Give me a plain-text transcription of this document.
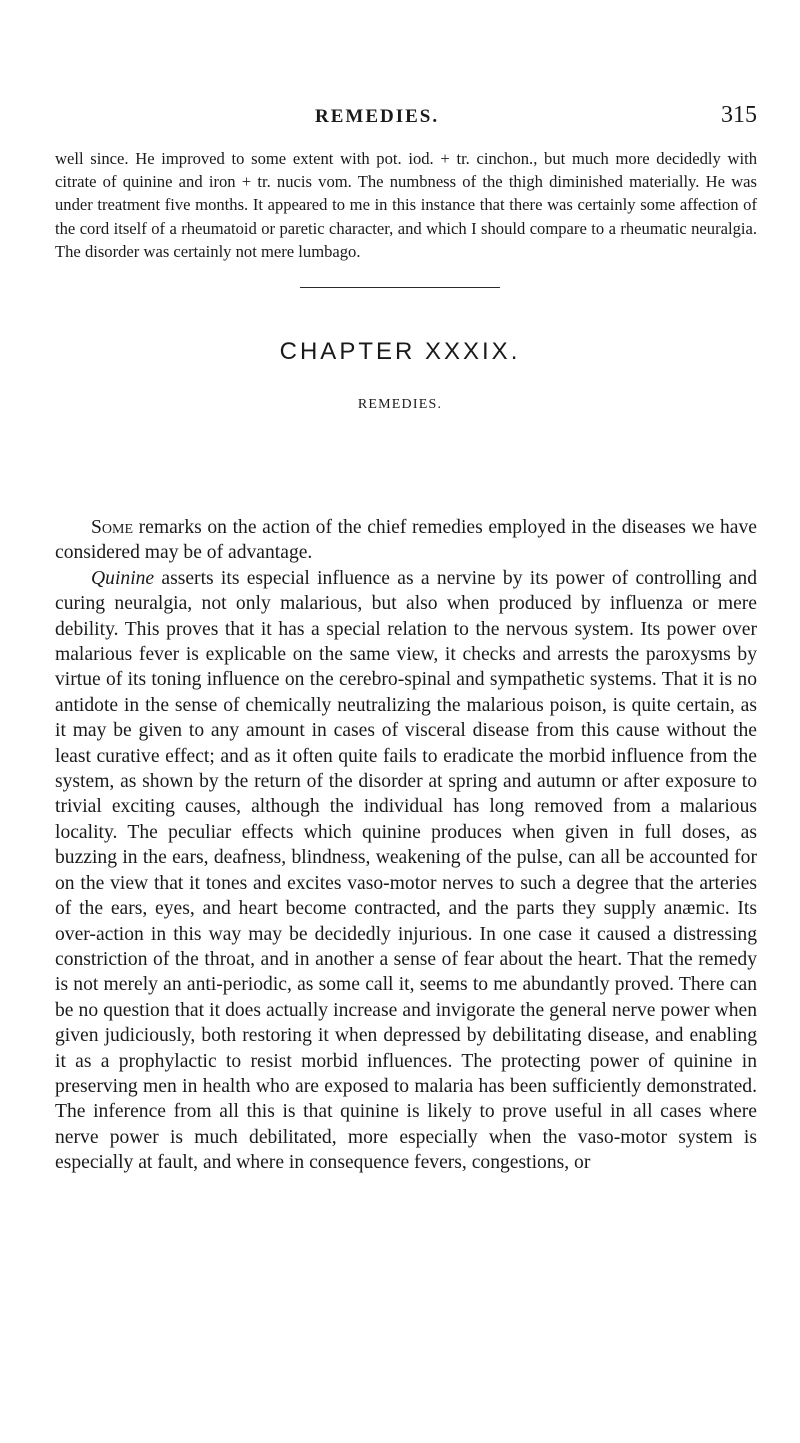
REMEDIES.	315
well since. He improved to some extent with pot. iod. + tr. cinchon., but much more decidedly with citrate of quinine and iron + tr. nucis vom. The numbness of the thigh diminished materially. He was under treatment five months. It appeared to me in this instance that there was certainly some affection of the cord itself of a rheumatoid or paretic character, and which I should compare to a rheumatic neuralgia. The disorder was certainly not mere lumbago.
CHAPTER XXXIX.
REMEDIES.

Some remarks on the action of the chief remedies employed in the diseases we have considered may be of advantage.

Quinine asserts its especial influence as a nervine by its power of controlling and curing neuralgia, not only malarious, but also when produced by influenza or mere debility. This proves that it has a special relation to the nervous system. Its power over malarious fever is explicable on the same view, it checks and arrests the paroxysms by virtue of its toning influence on the cerebro-spinal and sympathetic systems. That it is no antidote in the sense of chemically neutralizing the malarious poison, is quite certain, as it may be given to any amount in cases of visceral disease from this cause without the least curative effect; and as it often quite fails to eradicate the morbid influence from the system, as shown by the return of the disorder at spring and autumn or after exposure to trivial exciting causes, although the individual has long removed from a malarious locality. The peculiar effects which quinine produces when given in full doses, as buzzing in the ears, deafness, blindness, weakening of the pulse, can all be accounted for on the view that it tones and excites vaso-motor nerves to such a degree that the arteries of the ears, eyes, and heart become contracted, and the parts they supply anæmic. Its over-action in this way may be decidedly injurious. In one case it caused a distressing constriction of the throat, and in another a sense of fear about the heart. That the remedy is not merely an anti-periodic, as some call it, seems to me abundantly proved. There can be no question that it does actually increase and invigorate the general nerve power when given judiciously, both restoring it when depressed by debilitating disease, and enabling it as a prophylactic to resist morbid influences. The protecting power of quinine in preserving men in health who are exposed to malaria has been sufficiently demonstrated. The inference from all this is that quinine is likely to prove useful in all cases where nerve power is much debilitated, more especially when the vaso-motor system is especially at fault, and where in consequence fevers, congestions, or
